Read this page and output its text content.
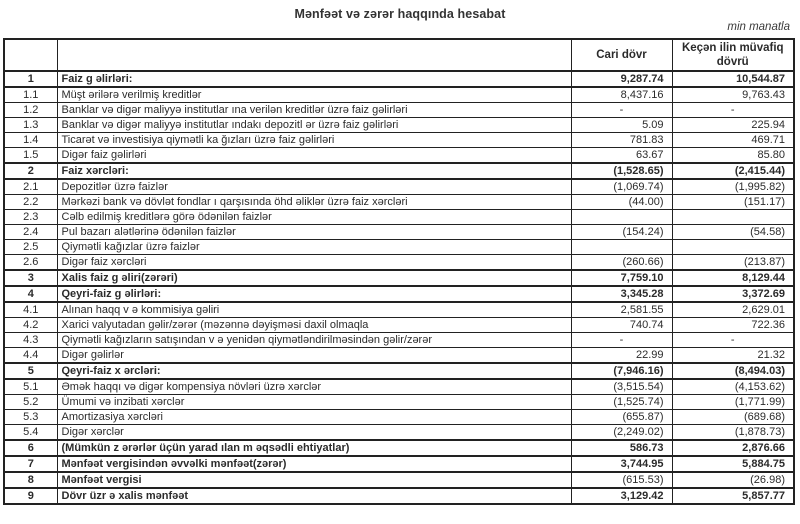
Mənfəət və zərər haqqında hesabat
min manatla
		Cari dövr	Keçən ilin müvafiq dövrü
1	Faiz g əlirləri:	9,287.74	10,544.87
1.1	Müşt ərilərə verilmiş kreditlər	8,437.16	9,763.43
1.2	Banklar və digər maliyyə institutlar ına verilən kreditlər üzrə faiz gəlirləri	-	-
1.3	Banklar və digər maliyyə institutlar ındakı depozitl ər üzrə faiz gəlirləri	5.09	225.94
1.4	Ticarət və investisiya qiymətli ka ğızları üzrə faiz gəlirləri	781.83	469.71
1.5	Digər faiz gəlirləri	63.67	85.80
2	Faiz xərcləri:	(1,528.65)	(2,415.44)
2.1	Depozitlər üzrə faizlər	(1,069.74)	(1,995.82)
2.2	Mərkəzi bank və dövlət fondlar ı qarşısında öhd əliklər üzrə faiz xərcləri	(44.00)	(151.17)
2.3	Cəlb edilmiş kreditlərə görə ödənilən faizlər		
2.4	Pul bazarı alətlərinə ödənilən faizlər	(154.24)	(54.58)
2.5	Qiymətli kağızlar üzrə faizlər		
2.6	Digər faiz xərcləri	(260.66)	(213.87)
3	Xalis faiz g əliri(zərəri)	7,759.10	8,129.44
4	Qeyri-faiz g əlirləri:	3,345.28	3,372.69
4.1	Alınan haqq v ə kommisiya gəliri	2,581.55	2,629.01
4.2	Xarici valyutadan gəlir/zərər (məzənnə dəyişməsi daxil olmaqla	740.74	722.36
4.3	Qiymətli kağızların satışından v ə yenidən qiymətləndirilməsindən gəlir/zərər	-	-
4.4	Digər gəlirlər	22.99	21.32
5	Qeyri-faiz x ərcləri:	(7,946.16)	(8,494.03)
5.1	Əmək haqqı və digər kompensiya növləri üzrə xərclər	(3,515.54)	(4,153.62)
5.2	Ümumi və inzibati xərclər	(1,525.74)	(1,771.99)
5.3	Amortizasiya xərcləri	(655.87)	(689.68)
5.4	Digər xərclər	(2,249.02)	(1,878.73)
6	(Mümkün z ərərlər üçün yarad ılan m əqsədli ehtiyatlar)	586.73	2,876.66
7	Mənfəət vergisindən əvvəlki mənfəət(zərər)	3,744.95	5,884.75
8	Mənfəət vergisi	(615.53)	(26.98)
9	Dövr üzr ə xalis mənfəət	3,129.42	5,857.77
